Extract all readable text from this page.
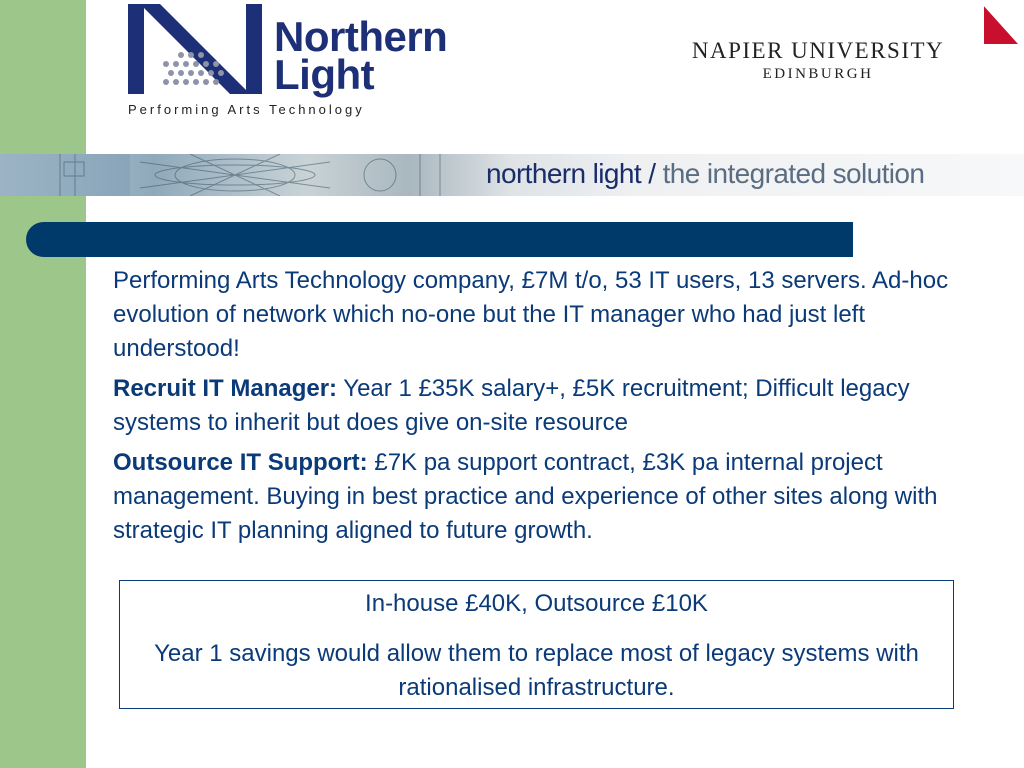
Northern
Light
Performing Arts Technology
NAPIER UNIVERSITY
EDINBURGH
northern light / the integrated solution

Performing Arts Technology company, £7M t/o, 53 IT users, 13 servers. Ad-hoc evolution of network which no-one but the IT manager who had just left understood!

Recruit IT Manager: Year 1 £35K salary+, £5K recruitment; Difficult legacy systems to inherit but does give on-site resource

Outsource IT Support: £7K pa support contract, £3K pa internal project management. Buying in best practice and experience of other sites along with strategic IT planning aligned to future growth.

In-house £40K, Outsource £10K
Year 1 savings would allow them to replace most of legacy systems with rationalised infrastructure.
